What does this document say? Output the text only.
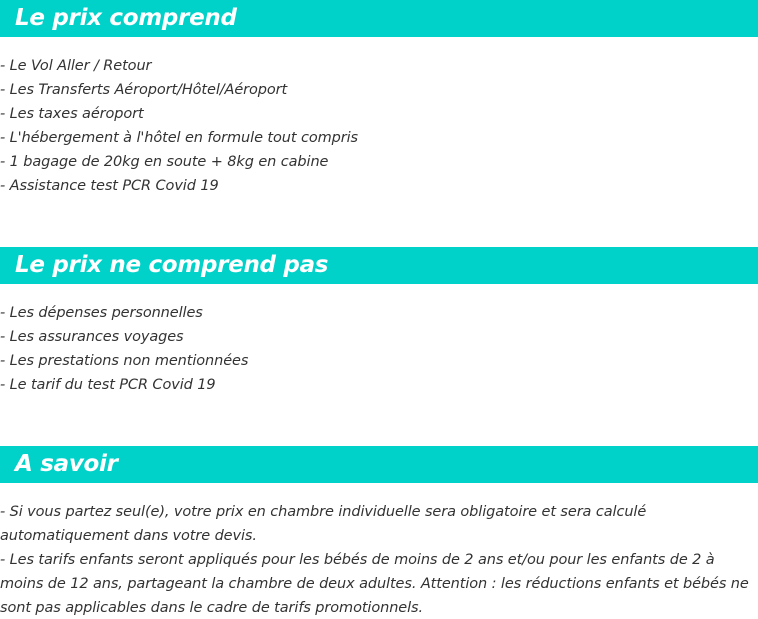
Le prix comprend
- Le Vol Aller / Retour
- Les Transferts Aéroport/Hôtel/Aéroport
- Les taxes aéroport
- L'hébergement à l'hôtel en formule tout compris
- 1 bagage de 20kg en soute + 8kg en cabine
- Assistance test PCR Covid 19
Le prix ne comprend pas
- Les dépenses personnelles
- Les assurances voyages
- Les prestations non mentionnées
- Le tarif du test PCR Covid 19
A savoir

- Si vous partez seul(e), votre prix en chambre individuelle sera obligatoire et sera calculé automatiquement dans votre devis.

- Les tarifs enfants seront appliqués pour les bébés de moins de 2 ans et/ou pour les enfants de 2 à moins de 12 ans, partageant la chambre de deux adultes. Attention : les réductions enfants et bébés ne sont pas applicables dans le cadre de tarifs promotionnels.
